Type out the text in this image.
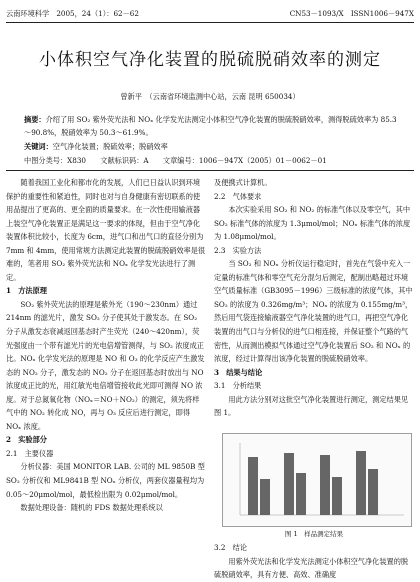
云南环境科学　2005，24（1）：62－62	CN53－1093/X　ISSN1006－947X
小体积空气净化装置的脱硫脱硝效率的测定
曾新平　（云南省环境监测中心站，云南 昆明 650034）
摘要：介绍了用 SO₂ 紫外荧光法和 NOₓ 化学发光法测定小体积空气净化装置的脱硫脱硝效率，测得脱硫效率为 85.3～90.8%，脱硝效率为 50.3～61.9%。
关键词：空气净化装置；脱硫效率；脱硝效率
中图分类号：X830 文献标识码：A 文章编号：1006－947X（2005）01－0062－01

　　随着我国工业化和都市化的发展，人们已日益认识到环境保护的重要性和紧迫性，同时也对与自身健康有密切联系的使用品提出了更高的、更全面的质量要求。在一次性使用输液器上装空气净化装置正是满足这一要求的体现，但由于空气净化装置体积比较小，长度为 6cm，进气口和出气口的直径分别为 7mm 和 4mm，使用常规方法测定此装置的脱硫脱硝效率是很难的，笔者用 SO₂ 紫外荧光法和 NOₓ 化学发光法进行了测定。

1　方法原理

　　SO₂ 紫外荧光法的原理是紫外光（190～230nm）通过 214nm 的滤光片，激发 SO₂ 分子使其处于激发态。在 SO₂ 分子从激发态衰减返回基态时产生荧光（240～420nm），荧光强度由一个带有滤光片的光电倍增管测得，与 SO₂ 浓度成正比。NOₓ 化学发光法的原理是 NO 和 O₃ 的化学反应产生激发态的 NO₂ 分子，激发态的 NO₂ 分子在返回基态时放出与 NO 浓度成正比的光，用红敏光电倍增管接收此光即可测得 NO 浓度。对于总氮氧化物（NOₓ＝NO＋NO₂）的测定，须先将样气中的 NO₂ 转化成 NO，再与 O₃ 反应后进行测定，即得 NOₓ 浓度。

2　实验部分

2.1　主要仪器

　　分析仪器：美国 MONITOR LAB. 公司的 ML 9850B 型 SO₂ 分析仪和 ML9841B 型 NOₓ 分析仪，两套仪器量程均为 0.05～20μmol/mol，最低检出限为 0.02μmol/mol。

　　数据处理设备：随机的 FDS 数据处理系统以

及便携式计算机。

2.2　气体要求

　　本次实验采用 SO₂ 和 NO₂ 的标准气体以及零空气，其中 SO₂ 标准气体的浓度为 1.3μmol/mol；NOₓ 标准气体的浓度为 1.08μmol/mol。

2.3　实验方法

　　当 SO₂ 和 NOₓ 分析仪运行稳定时，首先在气袋中充入一定量的标准气体和零空气充分混匀后测定，配制出略超过环境空气质量标准（GB3095－1996）三级标准的浓度气体，其中 SO₂ 的浓度为 0.326mg/m³；NOₓ 的浓度为 0.155mg/m³，然后用气袋连接输液器空气净化装置的进气口，再把空气净化装置的出气口与分析仪的进气口相连接，并保证整个气路的气密性，从而测出模拟气体通过空气净化装置后 SO₂ 和 NOₓ 的浓度，经过计算得出该净化装置的脱硫脱硝效率。

3　结果与结论

3.1　分析结果

　　用此方法分别对这批空气净化装置进行测定，测定结果见图 1。

图 1　样品测定结果

3.2　结论

　　用紫外荧光法和化学发光法测定小体积空气净化装置的脱硫脱硝效率，具有方便、高效、准确度
